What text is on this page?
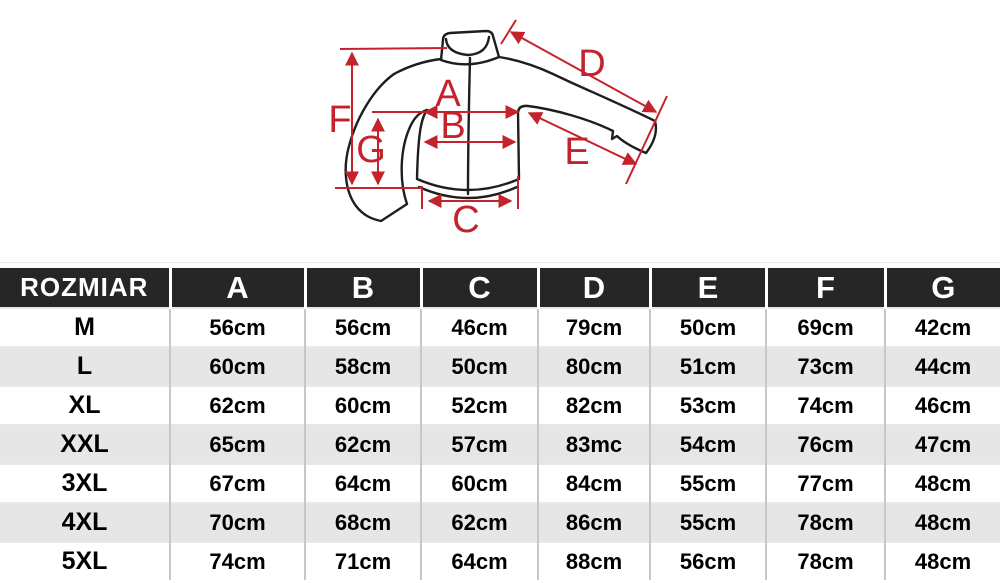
A
B
C
D
E
F
G
ROZMIAR	A	B	C	D	E	F	G
M	56cm	56cm	46cm	79cm	50cm	69cm	42cm
L	60cm	58cm	50cm	80cm	51cm	73cm	44cm
XL	62cm	60cm	52cm	82cm	53cm	74cm	46cm
XXL	65cm	62cm	57cm	83mc	54cm	76cm	47cm
3XL	67cm	64cm	60cm	84cm	55cm	77cm	48cm
4XL	70cm	68cm	62cm	86cm	55cm	78cm	48cm
5XL	74cm	71cm	64cm	88cm	56cm	78cm	48cm
